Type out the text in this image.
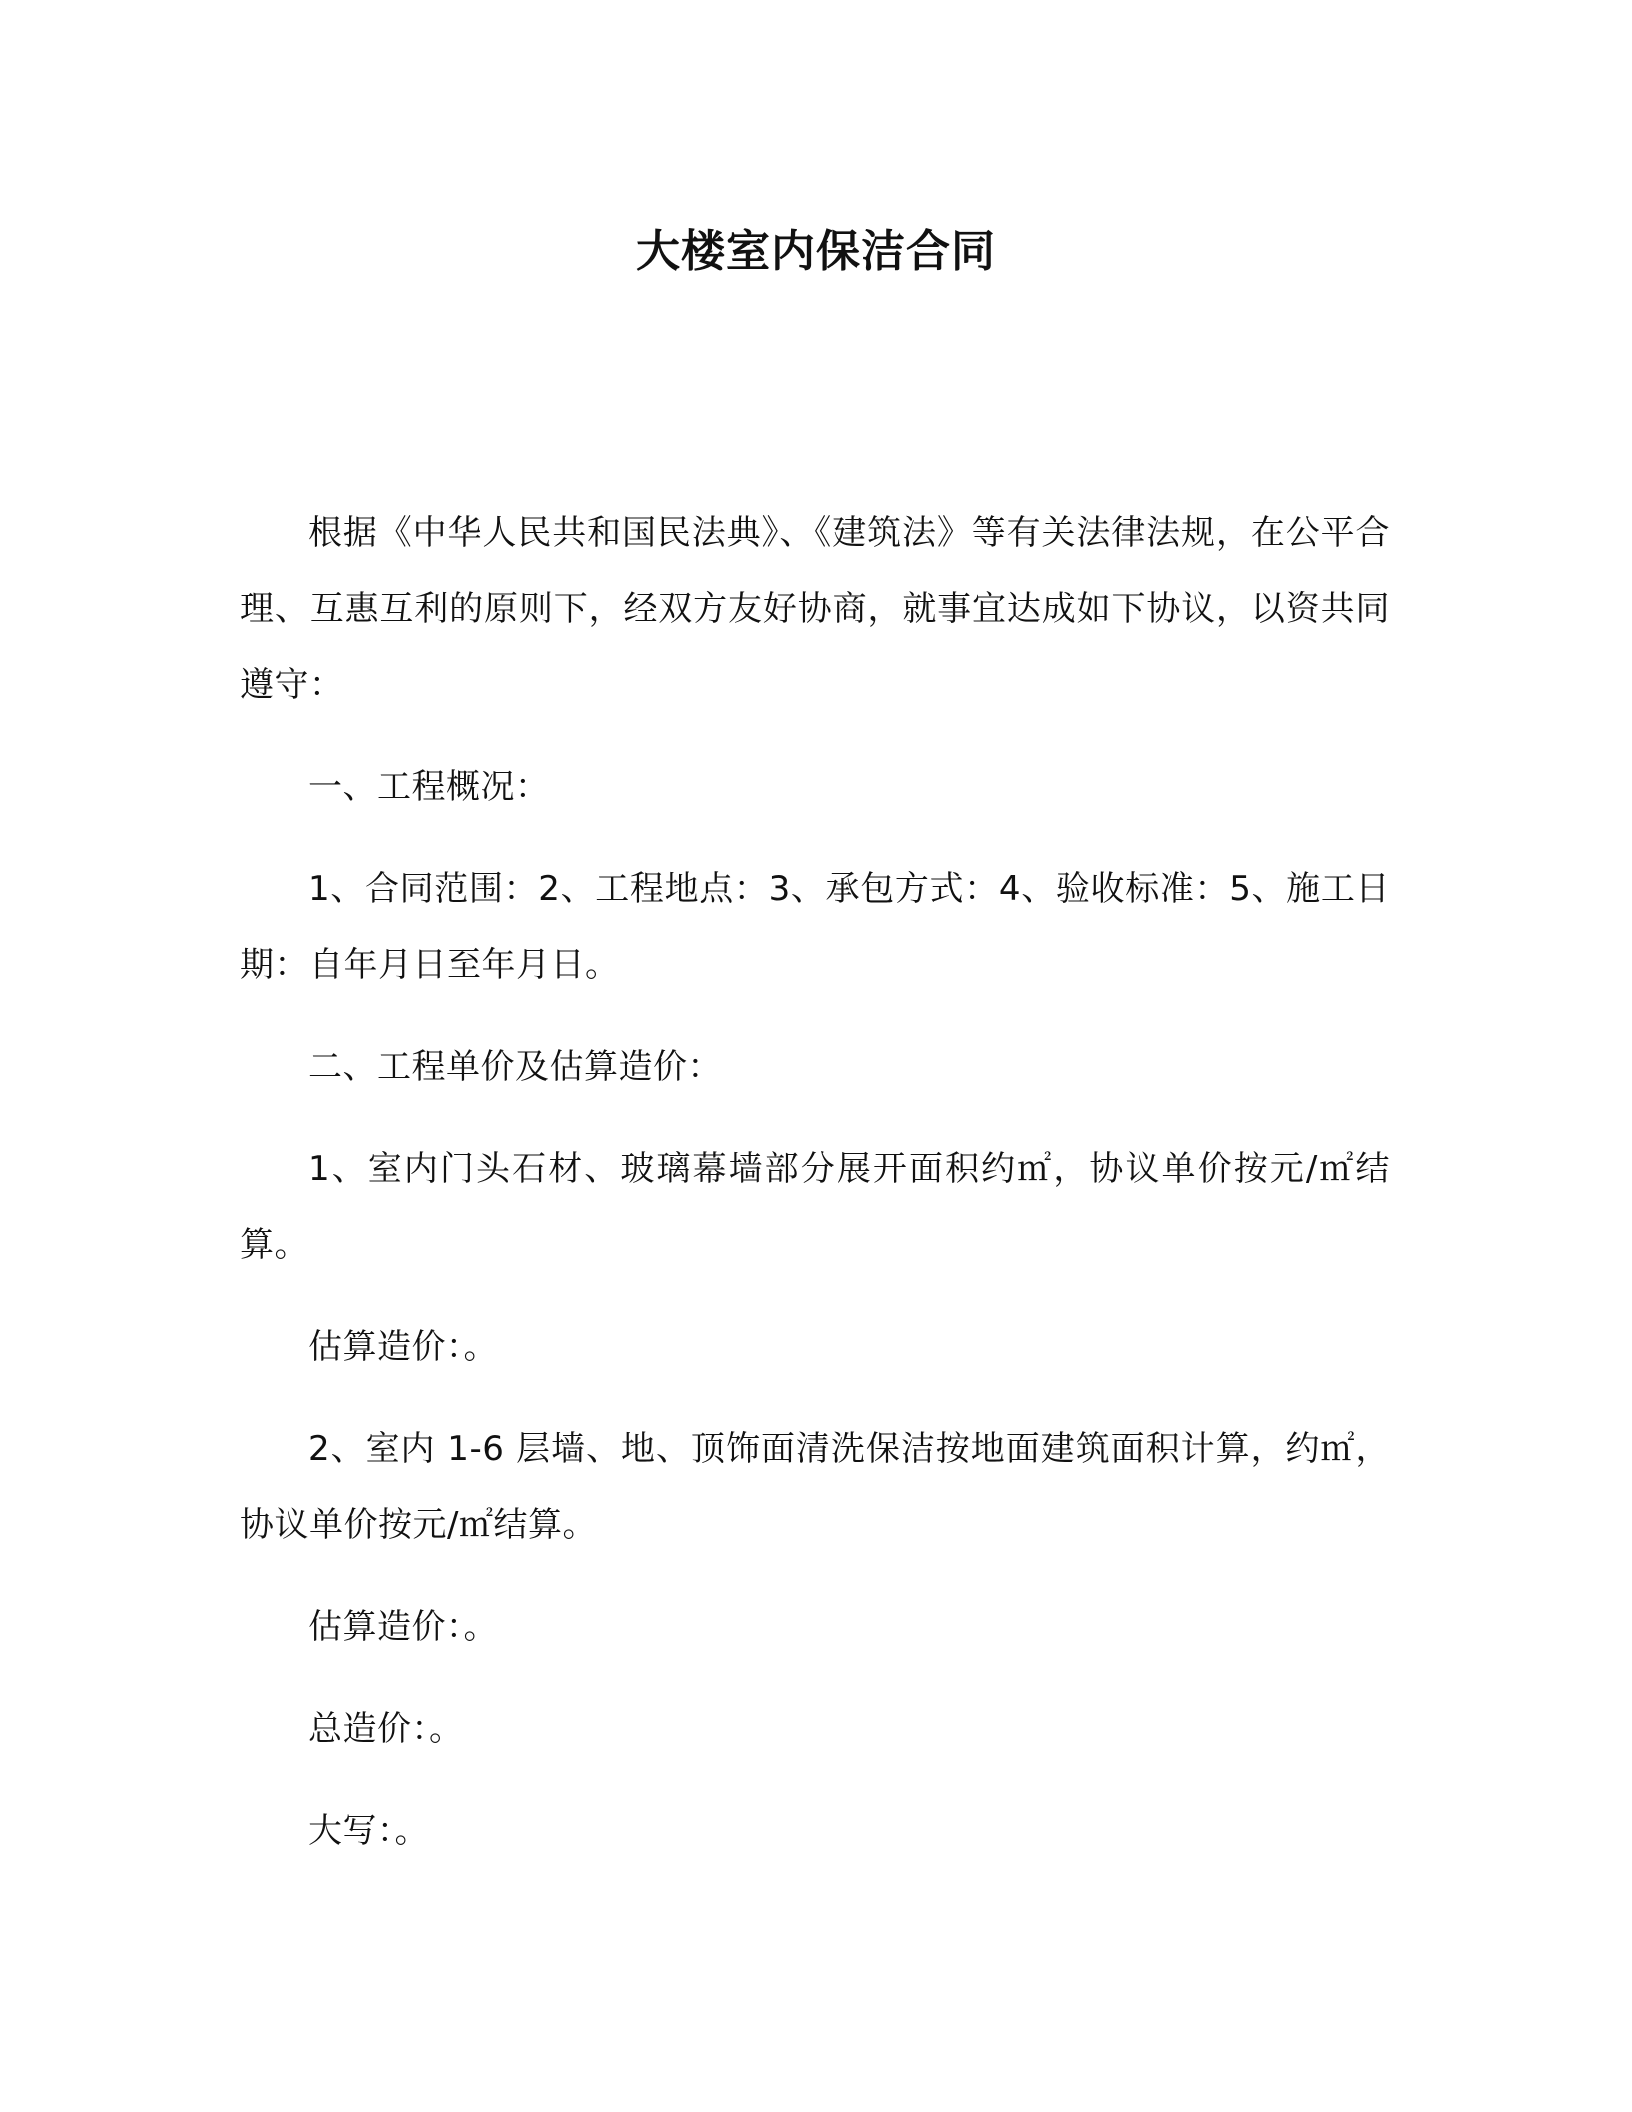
大楼室内保洁合同

根据《中华人民共和国民法典》、《建筑法》等有关法律法规，在公平合理、互惠互利的原则下，经双方友好协商，就事宜达成如下协议，以资共同遵守：

一、工程概况：

1、合同范围：2、工程地点：3、承包方式：4、验收标准：5、施工日期：自年月日至年月日。

二、工程单价及估算造价：

1、室内门头石材、玻璃幕墙部分展开面积约㎡，协议单价按元/㎡结算。

估算造价：。

2、室内 1-6 层墙、地、顶饰面清洗保洁按地面建筑面积计算，约㎡，协议单价按元/㎡结算。

估算造价：。

总造价：。

大写：。
